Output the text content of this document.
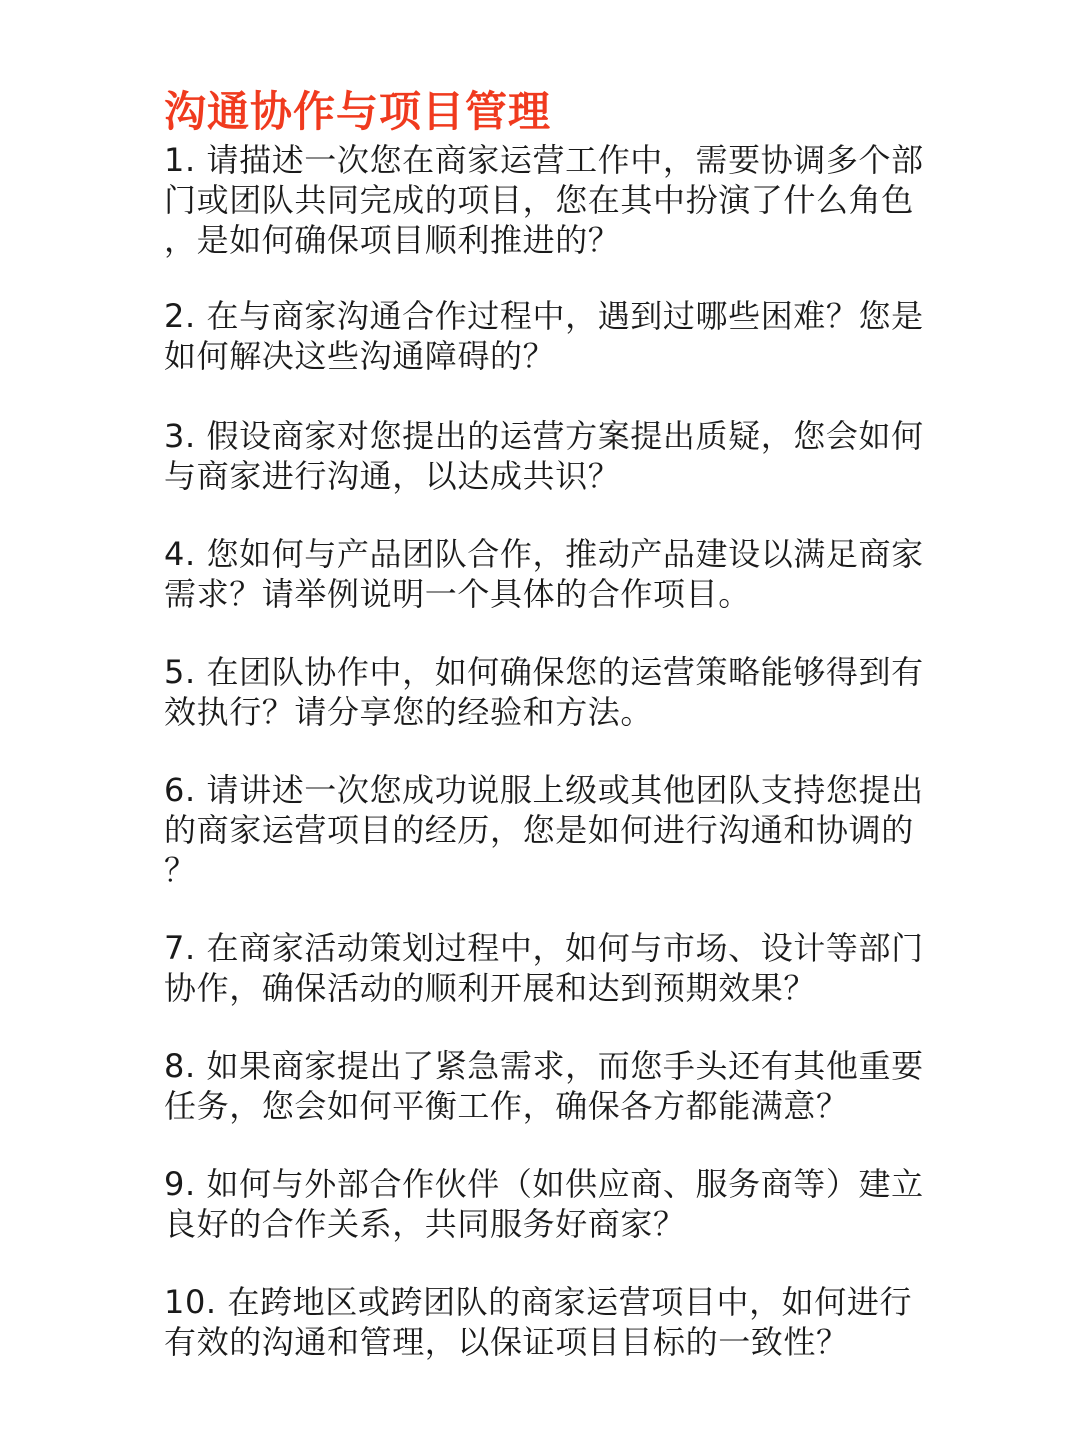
沟通协作与项目管理
1. 请描述一次您在商家运营工作中，需要协调多个部
门或团队共同完成的项目，您在其中扮演了什么角色
，是如何确保项目顺利推进的？
2. 在与商家沟通合作过程中，遇到过哪些困难？您是
如何解决这些沟通障碍的？
3. 假设商家对您提出的运营方案提出质疑，您会如何
与商家进行沟通，以达成共识？
4. 您如何与产品团队合作，推动产品建设以满足商家
需求？请举例说明一个具体的合作项目。
5. 在团队协作中，如何确保您的运营策略能够得到有
效执行？请分享您的经验和方法。
6. 请讲述一次您成功说服上级或其他团队支持您提出
的商家运营项目的经历，您是如何进行沟通和协调的
？
7. 在商家活动策划过程中，如何与市场、设计等部门
协作，确保活动的顺利开展和达到预期效果？
8. 如果商家提出了紧急需求，而您手头还有其他重要
任务，您会如何平衡工作，确保各方都能满意？
9. 如何与外部合作伙伴（如供应商、服务商等）建立
良好的合作关系，共同服务好商家？
10. 在跨地区或跨团队的商家运营项目中，如何进行
有效的沟通和管理，以保证项目目标的一致性？
